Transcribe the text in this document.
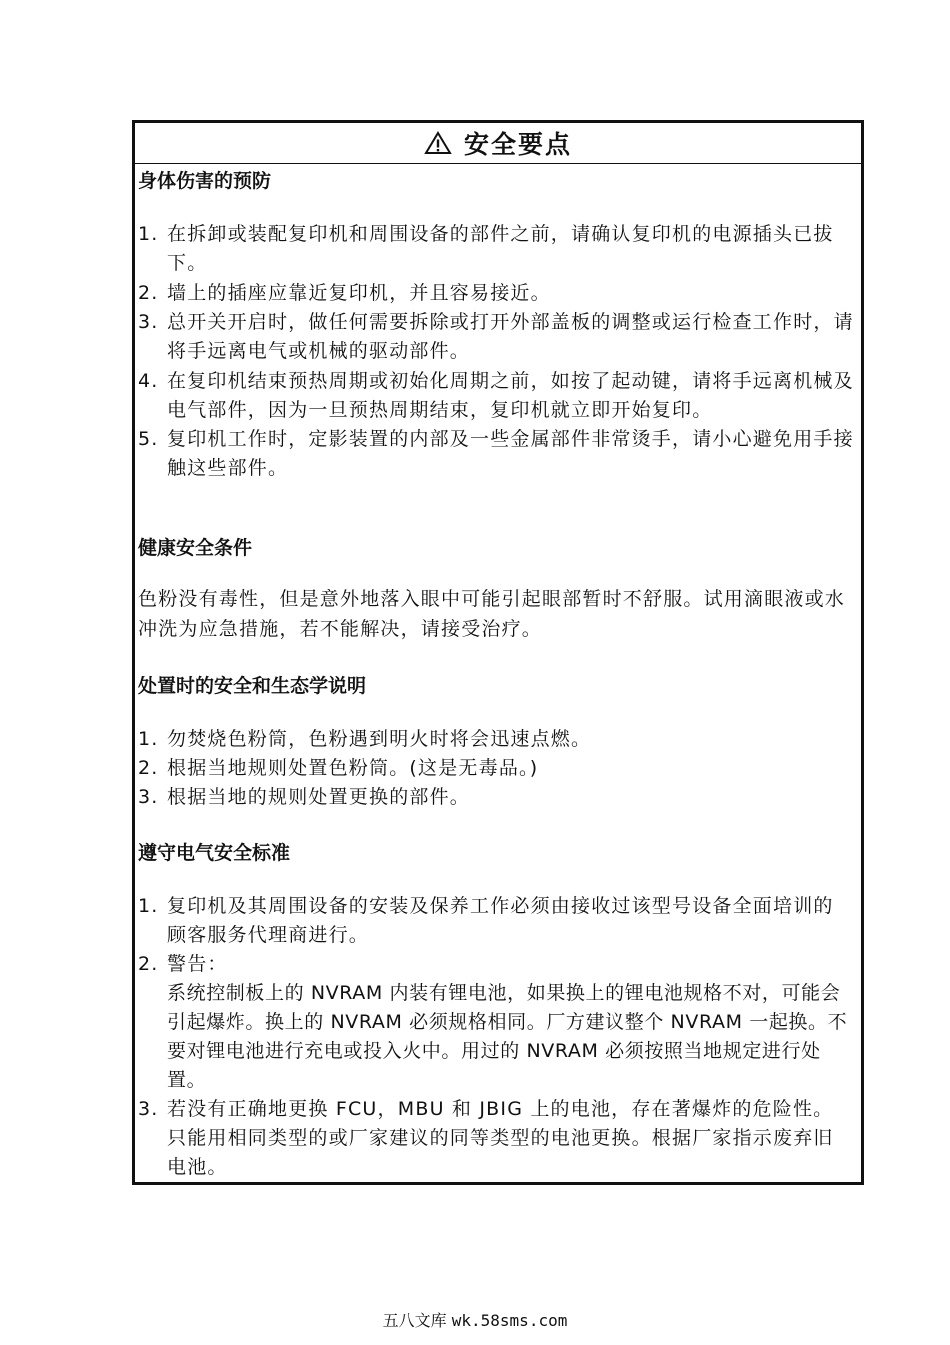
安全要点
身体伤害的预防
1. 在拆卸或装配复印机和周围设备的部件之前，请确认复印机的电源插头已拔下。
2. 墙上的插座应靠近复印机，并且容易接近。
3. 总开关开启时，做任何需要拆除或打开外部盖板的调整或运行检查工作时，请将手远离电气或机械的驱动部件。
4. 在复印机结束预热周期或初始化周期之前，如按了起动键，请将手远离机械及电气部件，因为一旦预热周期结束，复印机就立即开始复印。
5. 复印机工作时，定影装置的内部及一些金属部件非常烫手，请小心避免用手接触这些部件。
健康安全条件
色粉没有毒性，但是意外地落入眼中可能引起眼部暂时不舒服。试用滴眼液或水冲洗为应急措施，若不能解决，请接受治疗。
处置时的安全和生态学说明
1. 勿焚烧色粉筒，色粉遇到明火时将会迅速点燃。
2. 根据当地规则处置色粉筒。(这是无毒品。)
3. 根据当地的规则处置更换的部件。
遵守电气安全标准
1. 复印机及其周围设备的安装及保养工作必须由接收过该型号设备全面培训的顾客服务代理商进行。
2. 警告：
系统控制板上的 NVRAM 内装有锂电池，如果换上的锂电池规格不对，可能会引起爆炸。换上的 NVRAM 必须规格相同。厂方建议整个 NVRAM 一起换。不要对锂电池进行充电或投入火中。用过的 NVRAM 必须按照当地规定进行处置。
3. 若没有正确地更换 FCU，MBU 和 JBIG 上的电池，存在著爆炸的危险性。只能用相同类型的或厂家建议的同等类型的电池更换。根据厂家指示废弃旧电池。
五八文库 wk.58sms.com
